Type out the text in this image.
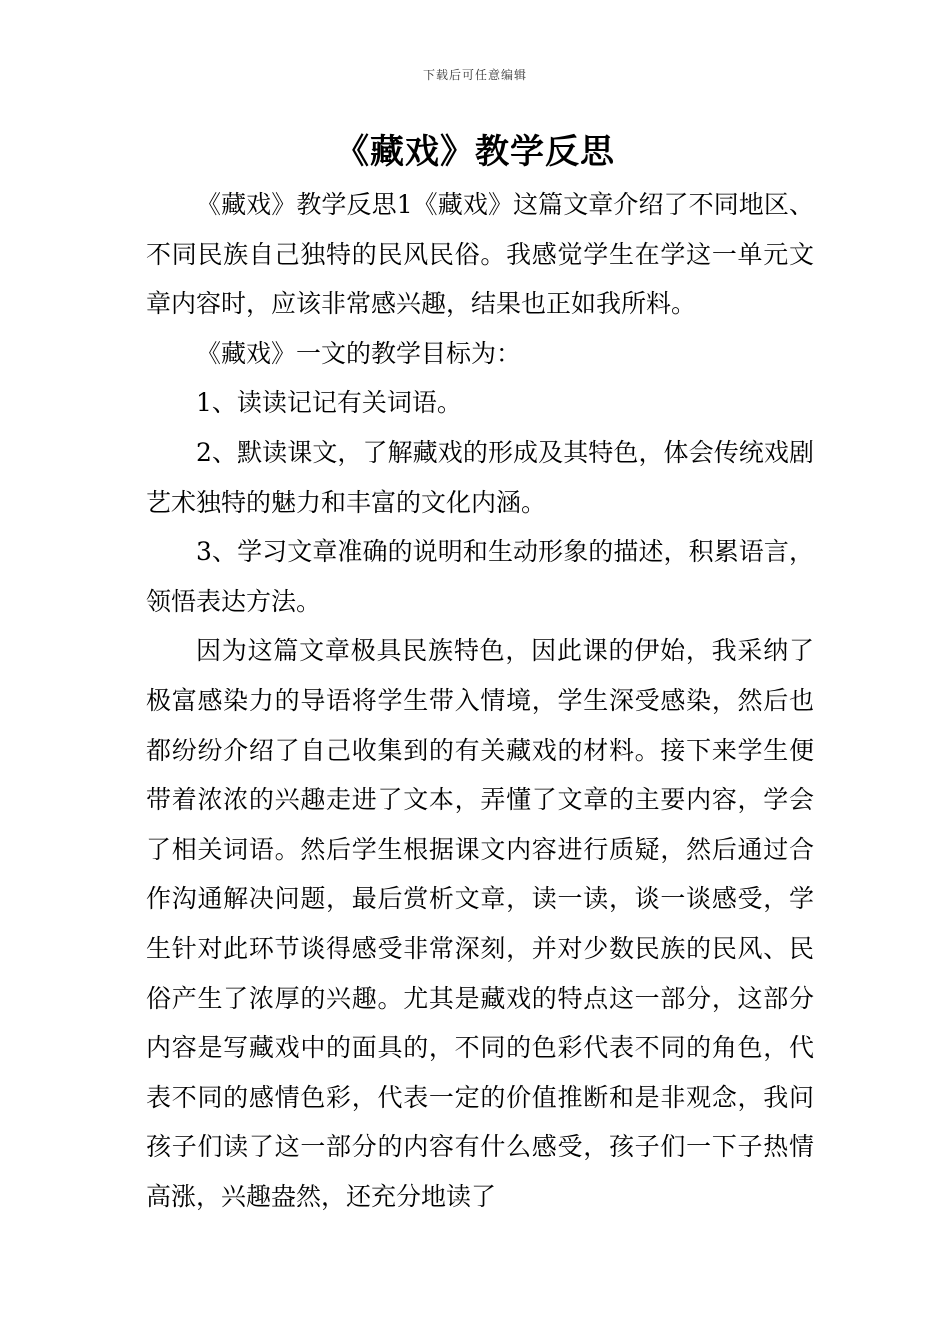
下载后可任意编辑
《藏戏》教学反思

《藏戏》教学反思1《藏戏》这篇文章介绍了不同地区、不同民族自己独特的民风民俗。我感觉学生在学这一单元文章内容时，应该非常感兴趣，结果也正如我所料。

《藏戏》一文的教学目标为：

1、读读记记有关词语。

2、默读课文，了解藏戏的形成及其特色，体会传统戏剧艺术独特的魅力和丰富的文化内涵。

3、学习文章准确的说明和生动形象的描述，积累语言，领悟表达方法。

因为这篇文章极具民族特色，因此课的伊始，我采纳了极富感染力的导语将学生带入情境，学生深受感染，然后也都纷纷介绍了自己收集到的有关藏戏的材料。接下来学生便带着浓浓的兴趣走进了文本，弄懂了文章的主要内容，学会了相关词语。然后学生根据课文内容进行质疑，然后通过合作沟通解决问题，最后赏析文章，读一读，谈一谈感受，学生针对此环节谈得感受非常深刻，并对少数民族的民风、民俗产生了浓厚的兴趣。尤其是藏戏的特点这一部分，这部分内容是写藏戏中的面具的，不同的色彩代表不同的角色，代表不同的感情色彩，代表一定的价值推断和是非观念，我问孩子们读了这一部分的内容有什么感受，孩子们一下子热情高涨，兴趣盎然，还充分地读了
